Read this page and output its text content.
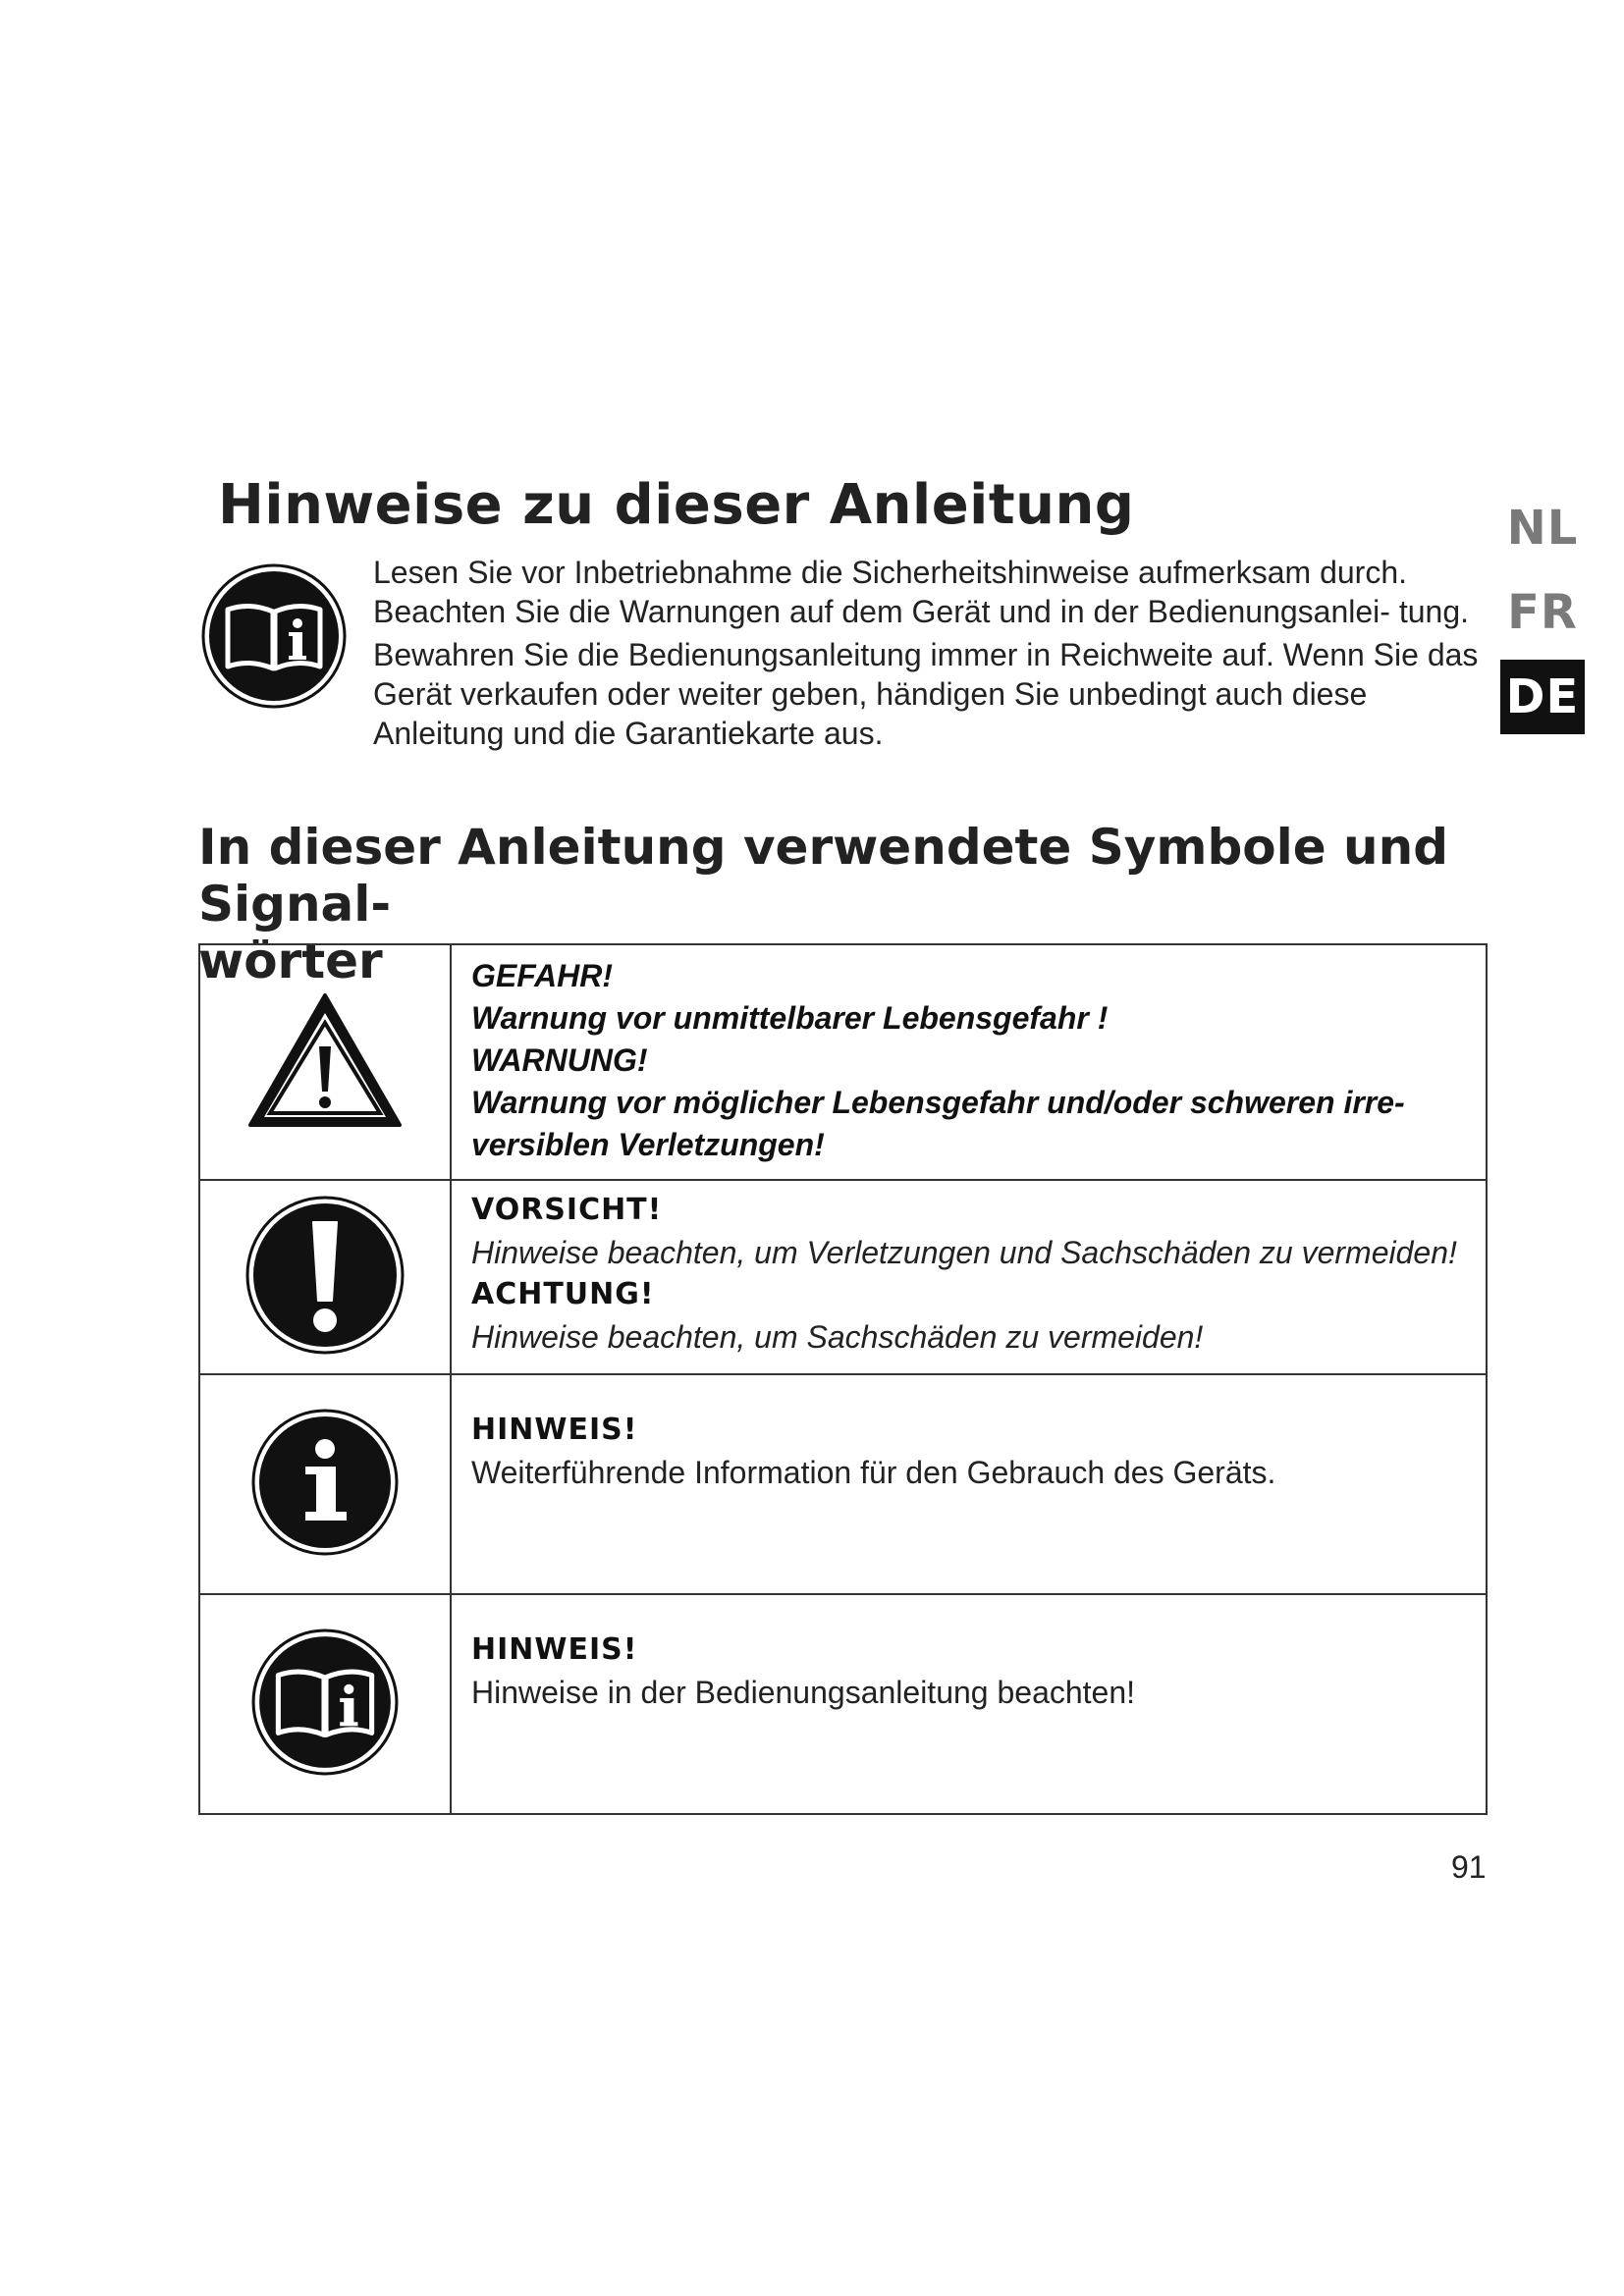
NL
FR
DE
Hinweise zu dieser Anleitung

Lesen Sie vor Inbetriebnahme die Sicherheitshinweise aufmerksam durch. Beachten Sie die Warnungen auf dem Gerät und in der Bedienungsanlei- tung.

Bewahren Sie die Bedienungsanleitung immer in Reichweite auf. Wenn Sie das Gerät verkaufen oder weiter geben, händigen Sie unbedingt auch diese Anleitung und die Garantiekarte aus.

In dieser Anleitung verwendete Symbole und Signal-
wörter
		GEFAHR!
Warnung vor unmittelbarer Lebensgefahr !
WARNUNG!
Warnung vor möglicher Lebensgefahr und/oder schweren irre-
versiblen Verletzungen!

VORSICHT!
Hinweise beachten, um Verletzungen und Sachschäden zu vermeiden!
ACHTUNG!
Hinweise beachten, um Sachschäden zu vermeiden!

HINWEIS!
Weiterführende Information für den Gebrauch des Geräts.

HINWEIS!
Hinweise in der Bedienungsanleitung beachten!
91
